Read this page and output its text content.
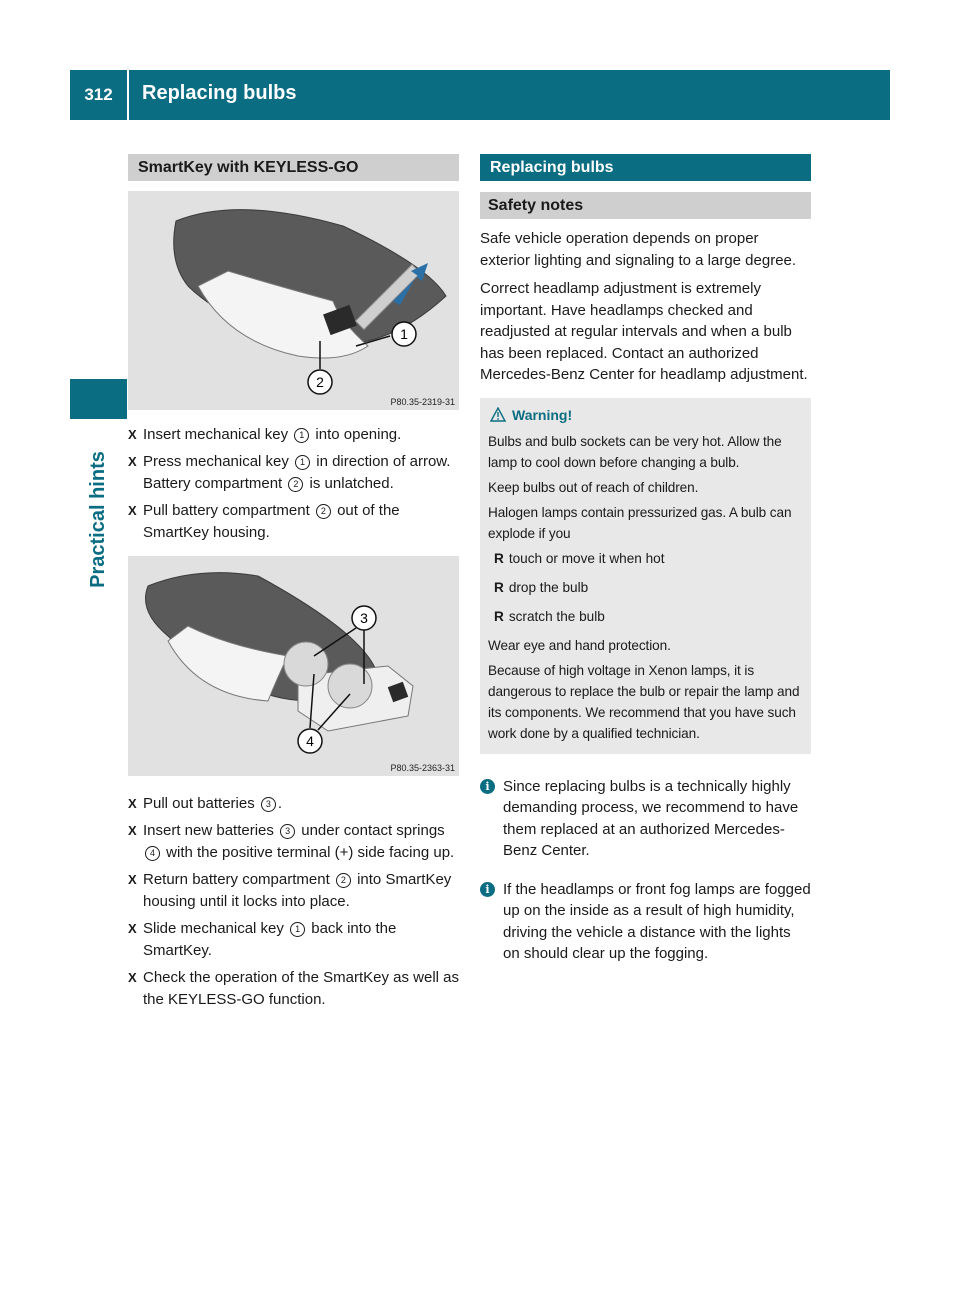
312	Replacing bulbs
Practical hints
SmartKey with KEYLESS-GO
1
2
P80.35-2319-31
X Insert mechanical key 1 into opening.
X Press mechanical key 1 in direction of arrow.
Battery compartment 2 is unlatched.
X Pull battery compartment 2 out of the SmartKey housing.
3
4
P80.35-2363-31
X Pull out batteries 3 .
X Insert new batteries 3 under contact springs 4 with the positive terminal (+) side facing up.
X Return battery compartment 2 into SmartKey housing until it locks into place.
X Slide mechanical key 1 back into the SmartKey.
X Check the operation of the SmartKey as well as the KEYLESS-GO function.
Replacing bulbs
Safety notes

Safe vehicle operation depends on proper exterior lighting and signaling to a large degree.

Correct headlamp adjustment is extremely important. Have headlamps checked and readjusted at regular intervals and when a bulb has been replaced. Contact an authorized Mercedes-Benz Center for headlamp adjustment.

Warning!

Bulbs and bulb sockets can be very hot. Allow the lamp to cool down before changing a bulb.

Keep bulbs out of reach of children.

Halogen lamps contain pressurized gas. A bulb can explode if you

R touch or move it when hot
R drop the bulb
R scratch the bulb

Wear eye and hand protection.

Because of high voltage in Xenon lamps, it is dangerous to replace the bulb or repair the lamp and its components. We recommend that you have such work done by a qualified technician.

i Since replacing bulbs is a technically highly demanding process, we recommend to have them replaced at an authorized Mercedes-Benz Center.
i If the headlamps or front fog lamps are fogged up on the inside as a result of high humidity, driving the vehicle a distance with the lights on should clear up the fogging.
